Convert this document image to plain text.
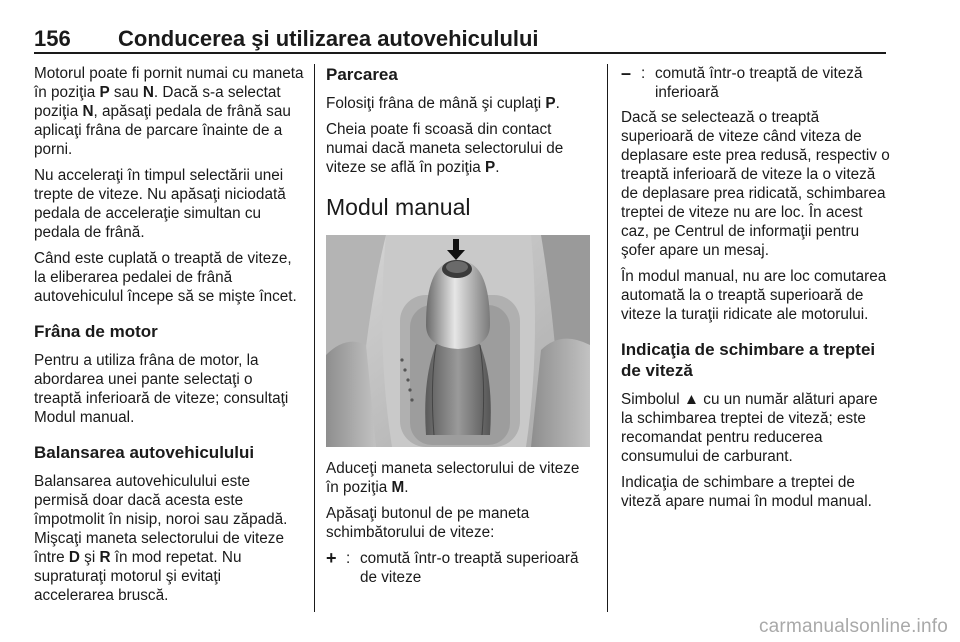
156 Conducerea şi utilizarea autovehiculului

Motorul poate fi pornit numai cu maneta în poziţia P sau N. Dacă s-a selectat poziţia N, apăsaţi pedala de frână sau aplicaţi frâna de parcare înainte de a porni.

Nu acceleraţi în timpul selectării unei trepte de viteze. Nu apăsaţi niciodată pedala de acceleraţie simultan cu pedala de frână.

Când este cuplată o treaptă de viteze, la eliberarea pedalei de frână autovehiculul începe să se mişte încet.

Frâna de motor

Pentru a utiliza frâna de motor, la abordarea unei pante selectaţi o treaptă inferioară de viteze; consultaţi Modul manual.

Balansarea autovehiculului

Balansarea autovehiculului este permisă doar dacă acesta este împotmolit în nisip, noroi sau zăpadă. Mişcaţi maneta selectorului de viteze între D şi R în mod repetat. Nu supraturaţi motorul şi evitaţi accelerarea bruscă.

Parcarea

Folosiţi frâna de mână şi cuplaţi P.

Cheia poate fi scoasă din contact numai dacă maneta selectorului de viteze se află în poziţia P.

Modul manual

Aduceţi maneta selectorului de viteze în poziţia M.

Apăsaţi butonul de pe maneta schimbătorului de viteze:

+ : comută într-o treaptă superioară de viteze
– : comută într-o treaptă de viteză inferioară

Dacă se selectează o treaptă superioară de viteze când viteza de deplasare este prea redusă, respectiv o treaptă inferioară de viteze la o viteză de deplasare prea ridicată, schimbarea treptei de viteze nu are loc. În acest caz, pe Centrul de informaţii pentru şofer apare un mesaj.

În modul manual, nu are loc comutarea automată la o treaptă superioară de viteze la turaţii ridicate ale motorului.

Indicaţia de schimbare a treptei de viteză

Simbolul ▲ cu un număr alături apare la schimbarea treptei de viteză; este recomandat pentru reducerea consumului de carburant.

Indicaţia de schimbare a treptei de viteză apare numai în modul manual.

carmanualsonline.info
